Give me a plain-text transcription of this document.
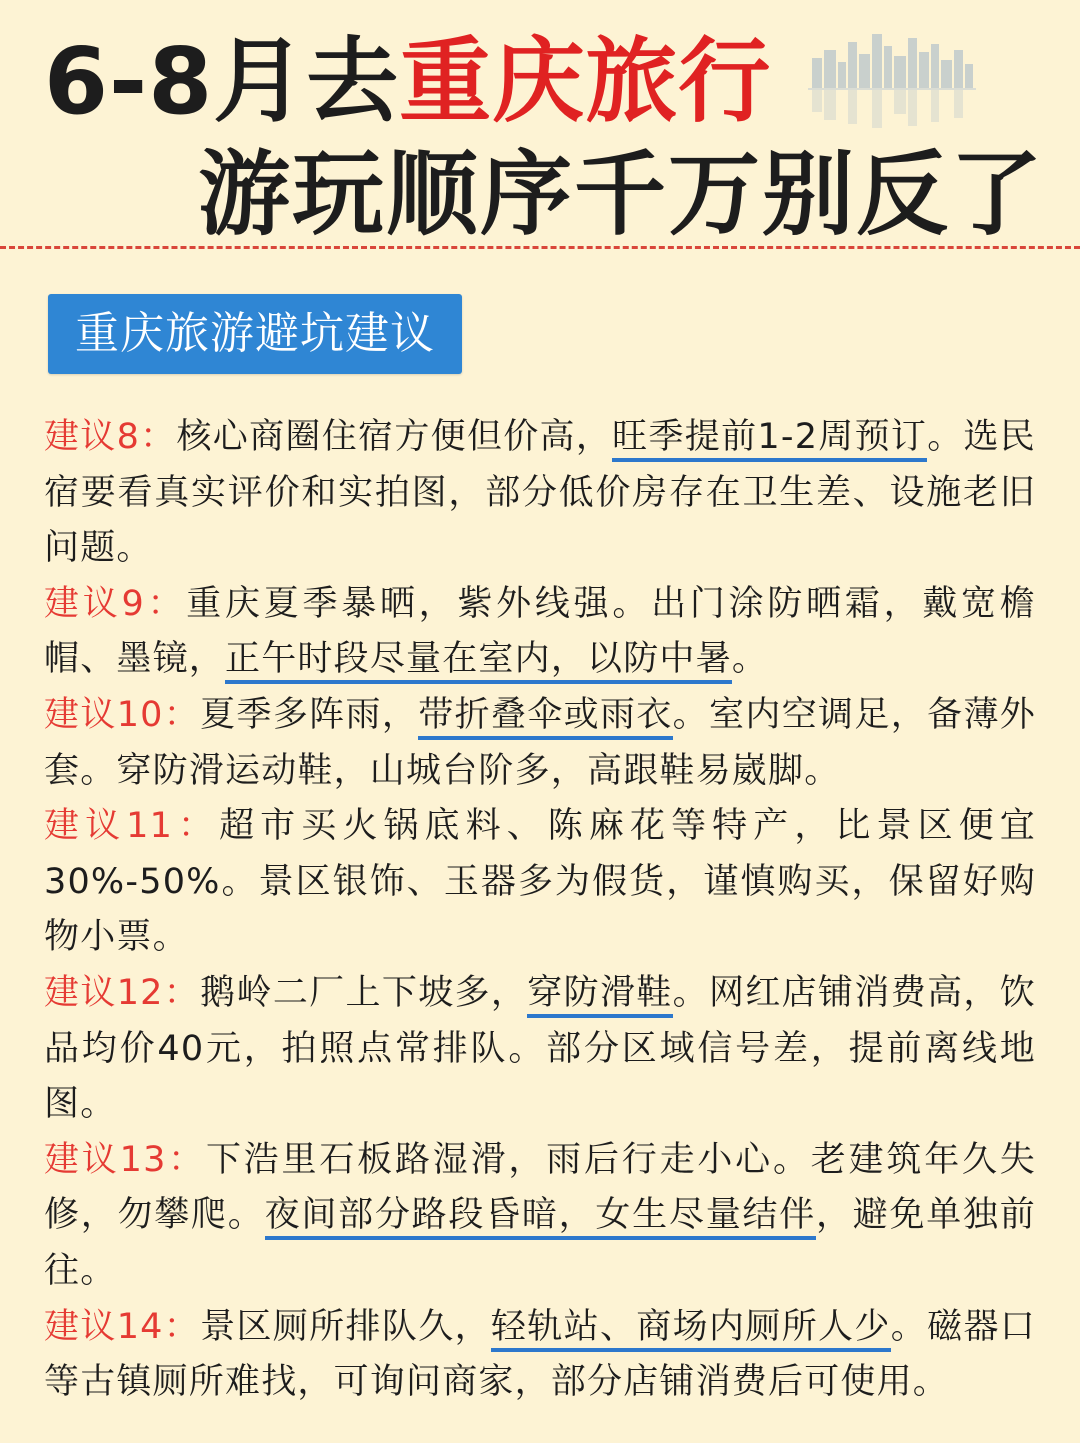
6-8月去重庆旅行
游玩顺序千万别反了
重庆旅游避坑建议

建议8：核心商圈住宿方便但价高，旺季提前1-2周预订。选民宿要看真实评价和实拍图，部分低价房存在卫生差、设施老旧问题。

建议9：重庆夏季暴晒，紫外线强。出门涂防晒霜，戴宽檐帽、墨镜，正午时段尽量在室内，以防中暑。

建议10：夏季多阵雨，带折叠伞或雨衣。室内空调足，备薄外套。穿防滑运动鞋，山城台阶多，高跟鞋易崴脚。

建议11：超市买火锅底料、陈麻花等特产，比景区便宜30%-50%。景区银饰、玉器多为假货，谨慎购买，保留好购物小票。

建议12：鹅岭二厂上下坡多，穿防滑鞋。网红店铺消费高，饮品均价40元，拍照点常排队。部分区域信号差，提前离线地图。

建议13：下浩里石板路湿滑，雨后行走小心。老建筑年久失修，勿攀爬。夜间部分路段昏暗，女生尽量结伴，避免单独前往。

建议14：景区厕所排队久，轻轨站、商场内厕所人少。磁器口等古镇厕所难找，可询问商家，部分店铺消费后可使用。
